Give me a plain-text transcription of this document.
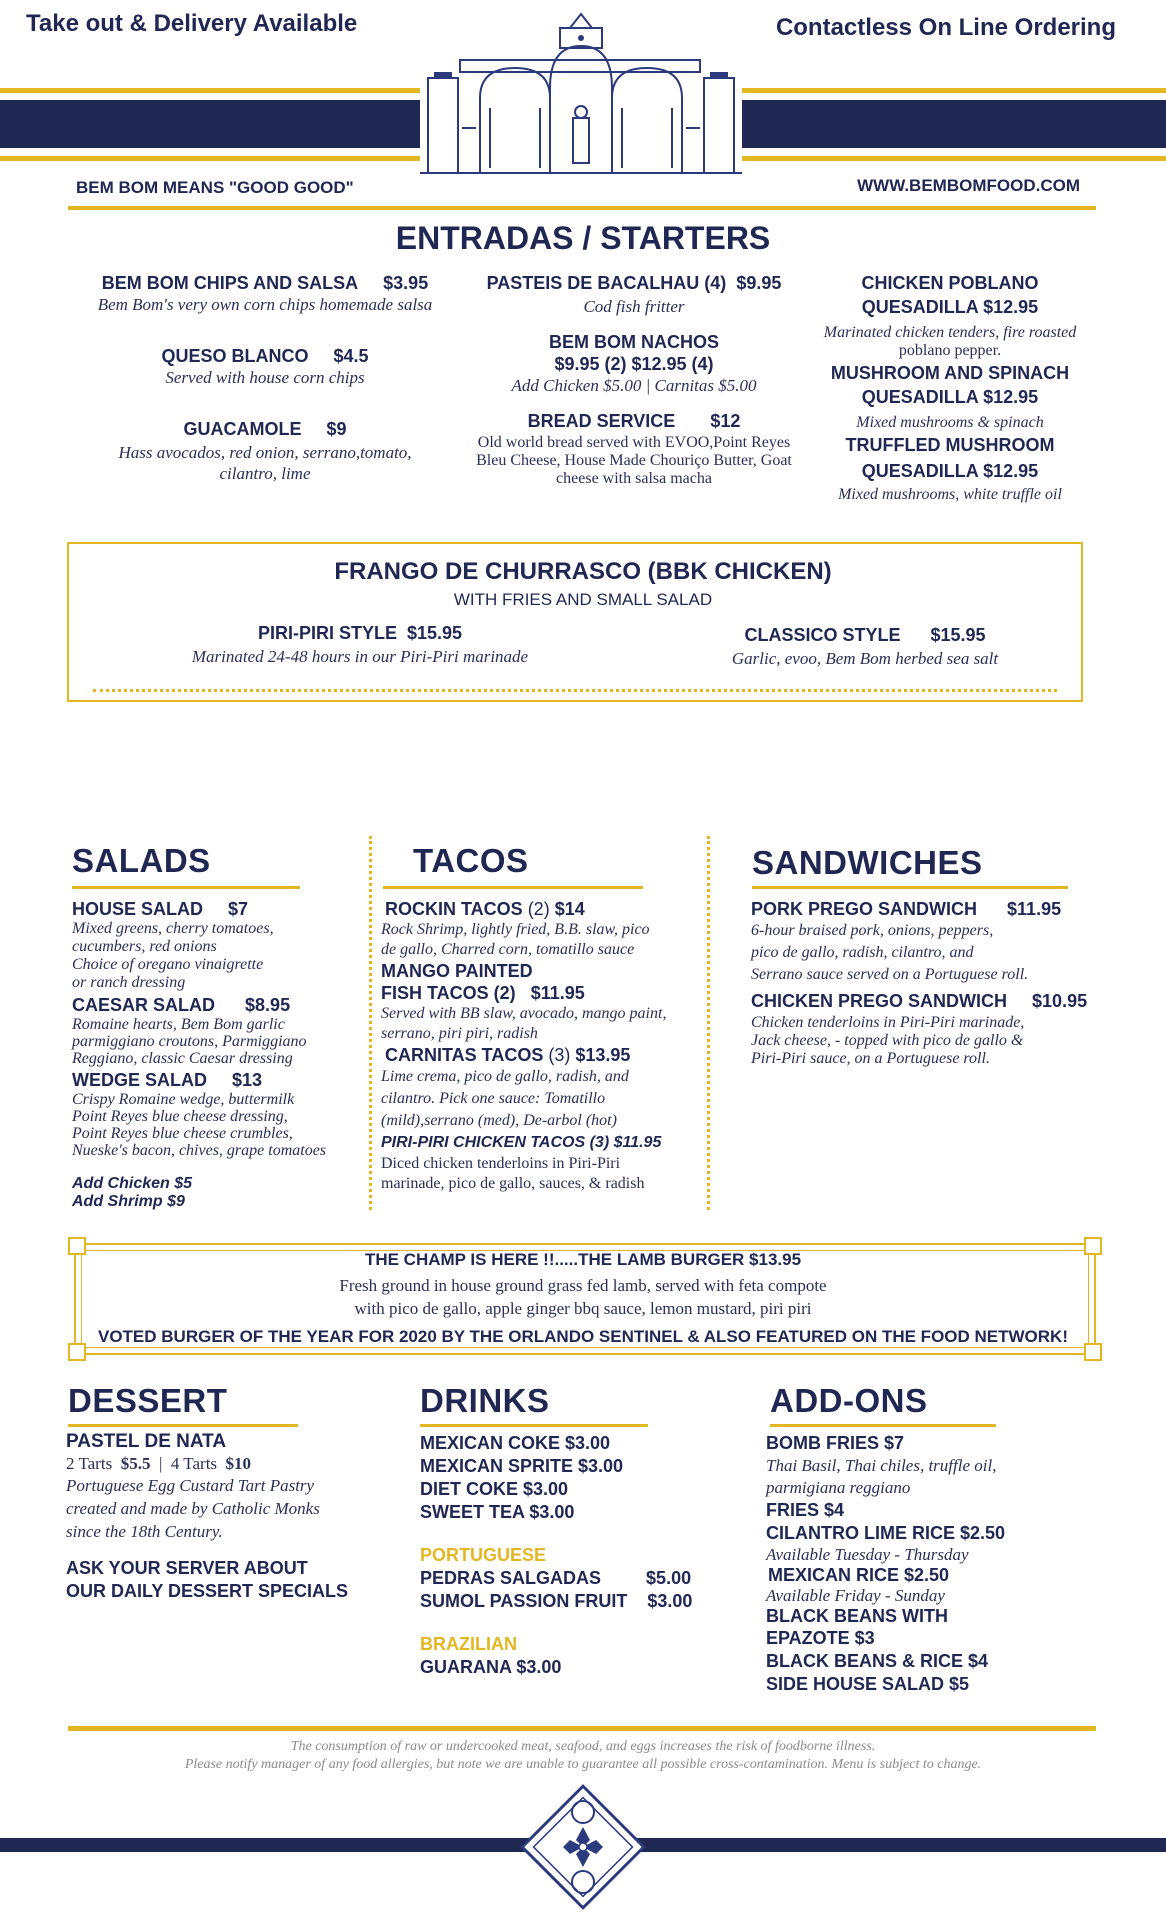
Take out & Delivery Available	Contactless On Line Ordering
BEM BOM MEANS "GOOD GOOD"	WWW.BEMBOMFOOD.COM
ENTRADAS / STARTERS
BEM BOM CHIPS AND SALSA $3.95
Bem Bom's very own corn chips homemade salsa
QUESO BLANCO $4.5
Served with house corn chips
GUACAMOLE $9
Hass avocados, red onion, serrano,tomato,
cilantro, lime
PASTEIS DE BACALHAU (4) $9.95
Cod fish fritter
BEM BOM NACHOS
$9.95 (2) $12.95 (4)
Add Chicken $5.00 | Carnitas $5.00
BREAD SERVICE $12
Old world bread served with EVOO,Point Reyes
Bleu Cheese, House Made Chouriço Butter, Goat
cheese with salsa macha
CHICKEN POBLANO
QUESADILLA $12.95
Marinated chicken tenders, fire roasted
poblano pepper.
MUSHROOM AND SPINACH
QUESADILLA $12.95
Mixed mushrooms & spinach
TRUFFLED MUSHROOM
QUESADILLA $12.95
Mixed mushrooms, white truffle oil
FRANGO DE CHURRASCO (BBK CHICKEN)
WITH FRIES AND SMALL SALAD
PIRI-PIRI STYLE $15.95
Marinated 24-48 hours in our Piri-Piri marinade
CLASSICO STYLE $15.95
Garlic, evoo, Bem Bom herbed sea salt
SALADS
HOUSE SALAD $7
Mixed greens, cherry tomatoes,
cucumbers, red onions
Choice of oregano vinaigrette
or ranch dressing
CAESAR SALAD $8.95
Romaine hearts, Bem Bom garlic
parmiggiano croutons, Parmiggiano
Reggiano, classic Caesar dressing
WEDGE SALAD $13
Crispy Romaine wedge, buttermilk
Point Reyes blue cheese dressing,
Point Reyes blue cheese crumbles,
Nueske's bacon, chives, grape tomatoes
Add Chicken $5
Add Shrimp $9
TACOS
ROCKIN TACOS (2) $14
Rock Shrimp, lightly fried, B.B. slaw, pico
de gallo, Charred corn, tomatillo sauce
MANGO PAINTED
FISH TACOS (2) $11.95
Served with BB slaw, avocado, mango paint,
serrano, piri piri, radish
CARNITAS TACOS (3) $13.95
Lime crema, pico de gallo, radish, and
cilantro. Pick one sauce: Tomatillo
(mild),serrano (med), De-arbol (hot)
PIRI-PIRI CHICKEN TACOS (3) $11.95
Diced chicken tenderloins in Piri-Piri
marinade, pico de gallo, sauces, & radish
SANDWICHES
PORK PREGO SANDWICH $11.95
6-hour braised pork, onions, peppers,
pico de gallo, radish, cilantro, and
Serrano sauce served on a Portuguese roll.
CHICKEN PREGO SANDWICH $10.95
Chicken tenderloins in Piri-Piri marinade,
Jack cheese, - topped with pico de gallo &
Piri-Piri sauce, on a Portuguese roll.
THE CHAMP IS HERE !!.....THE LAMB BURGER $13.95
Fresh ground in house ground grass fed lamb, served with feta compote
with pico de gallo, apple ginger bbq sauce, lemon mustard, piri piri
VOTED BURGER OF THE YEAR FOR 2020 BY THE ORLANDO SENTINEL & ALSO FEATURED ON THE FOOD NETWORK!
DESSERT
PASTEL DE NATA
2 Tarts $5.5 | 4 Tarts $10
Portuguese Egg Custard Tart Pastry
created and made by Catholic Monks
since the 18th Century.
ASK YOUR SERVER ABOUT
OUR DAILY DESSERT SPECIALS
DRINKS
MEXICAN COKE $3.00
MEXICAN SPRITE $3.00
DIET COKE $3.00
SWEET TEA $3.00
PORTUGUESE
PEDRAS SALGADAS	$5.00
SUMOL PASSION FRUIT $3.00
BRAZILIAN
GUARANA $3.00
ADD-ONS
BOMB FRIES $7
Thai Basil, Thai chiles, truffle oil,
parmigiana reggiano
FRIES $4
CILANTRO LIME RICE $2.50
Available Tuesday - Thursday
MEXICAN RICE $2.50
Available Friday - Sunday
BLACK BEANS WITH
EPAZOTE $3
BLACK BEANS & RICE $4
SIDE HOUSE SALAD $5
The consumption of raw or undercooked meat, seafood, and eggs increases the risk of foodborne illness.
Please notify manager of any food allergies, but note we are unable to guarantee all possible cross-contamination. Menu is subject to change.
